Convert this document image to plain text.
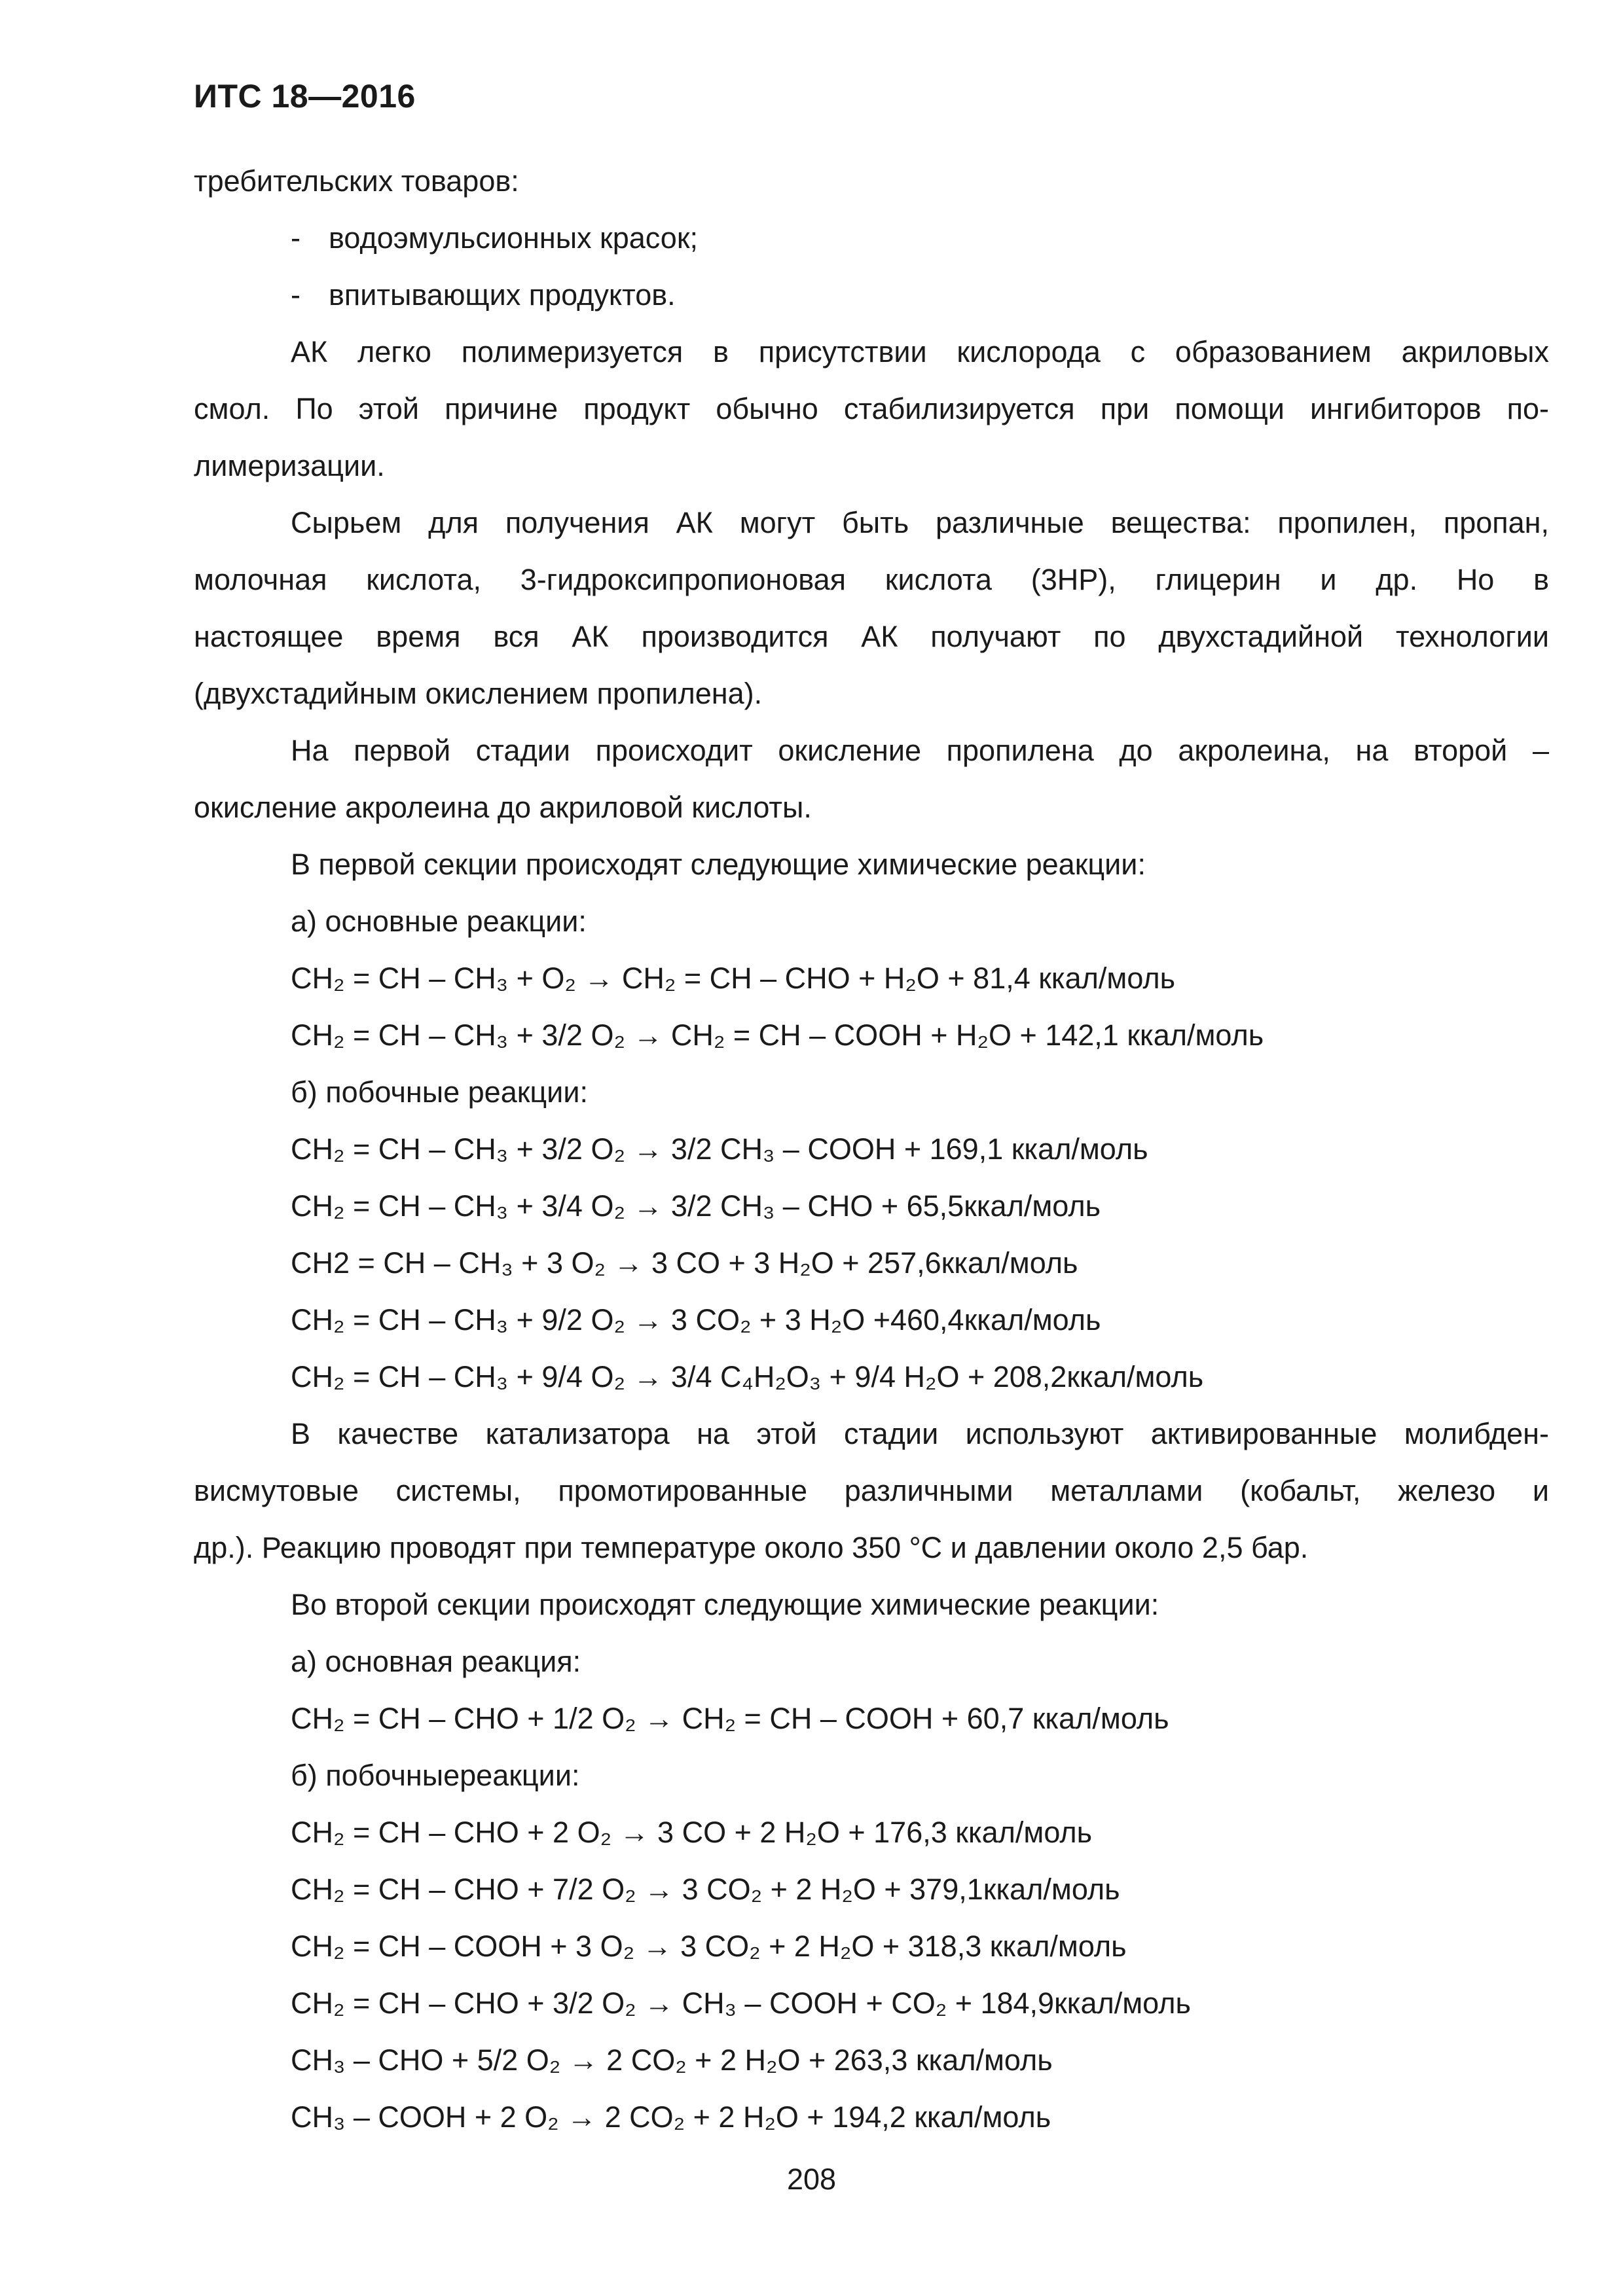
ИТС 18—2016
требительских товаров:
- водоэмульсионных красок;
- впитывающих продуктов.
АК легко полимеризуется в присутствии кислорода с образованием акриловых
смол. По этой причине продукт обычно стабилизируется при помощи ингибиторов по-
лимеризации.
Сырьем для получения АК могут быть различные вещества: пропилен, пропан,
молочная кислота, 3-гидроксипропионовая кислота (3HP), глицерин и др. Но в
настоящее время вся АК производится АК получают по двухстадийной технологии
(двухстадийным окислением пропилена).
На первой стадии происходит окисление пропилена до акролеина, на второй –
окисление акролеина до акриловой кислоты.
В первой секции происходят следующие химические реакции:
а) основные реакции:
CH₂ = CH – CH₃ + O₂ → CH₂ = CH – CHO + H₂O + 81,4 ккал/моль
CH₂ = CH – CH₃ + 3/2 O₂ → CH₂ = CH – COOH + H₂O + 142,1 ккал/моль
б) побочные реакции:
CH₂ = CH – CH₃ + 3/2 O₂ → 3/2 CH₃ – COOH + 169,1 ккал/моль
CH₂ = CH – CH₃ + 3/4 O₂ → 3/2 CH₃ – CHO + 65,5ккал/моль
CH2 = CH – CH₃ + 3 O₂ → 3 CO + 3 H₂O + 257,6ккал/моль
CH₂ = CH – CH₃ + 9/2 O₂ → 3 CO₂ + 3 H₂O +460,4ккал/моль
CH₂ = CH – CH₃ + 9/4 O₂ → 3/4 C₄H₂O₃ + 9/4 H₂O + 208,2ккал/моль
В качестве катализатора на этой стадии используют активированные молибден-
висмутовые системы, промотированные различными металлами (кобальт, железо и
др.). Реакцию проводят при температуре около 350 °С и давлении около 2,5 бар.
Во второй секции происходят следующие химические реакции:
а) основная реакция:
CH₂ = CH – CHO + 1/2 O₂ → CH₂ = CH – COOH + 60,7 ккал/моль
б) побочныереакции:
CH₂ = CH – CHO + 2 O₂ → 3 CO + 2 H₂O + 176,3 ккал/моль
CH₂ = CH – CHO + 7/2 O₂ → 3 CO₂ + 2 H₂O + 379,1ккал/моль
CH₂ = CH – COOH + 3 O₂ → 3 CO₂ + 2 H₂O + 318,3 ккал/моль
CH₂ = CH – CHO + 3/2 O₂ → CH₃ – COOH + CO₂ + 184,9ккал/моль
CH₃ – CHO + 5/2 O₂ → 2 CO₂ + 2 H₂O + 263,3 ккал/моль
CH₃ – COOH + 2 O₂ → 2 CO₂ + 2 H₂O + 194,2 ккал/моль
208
